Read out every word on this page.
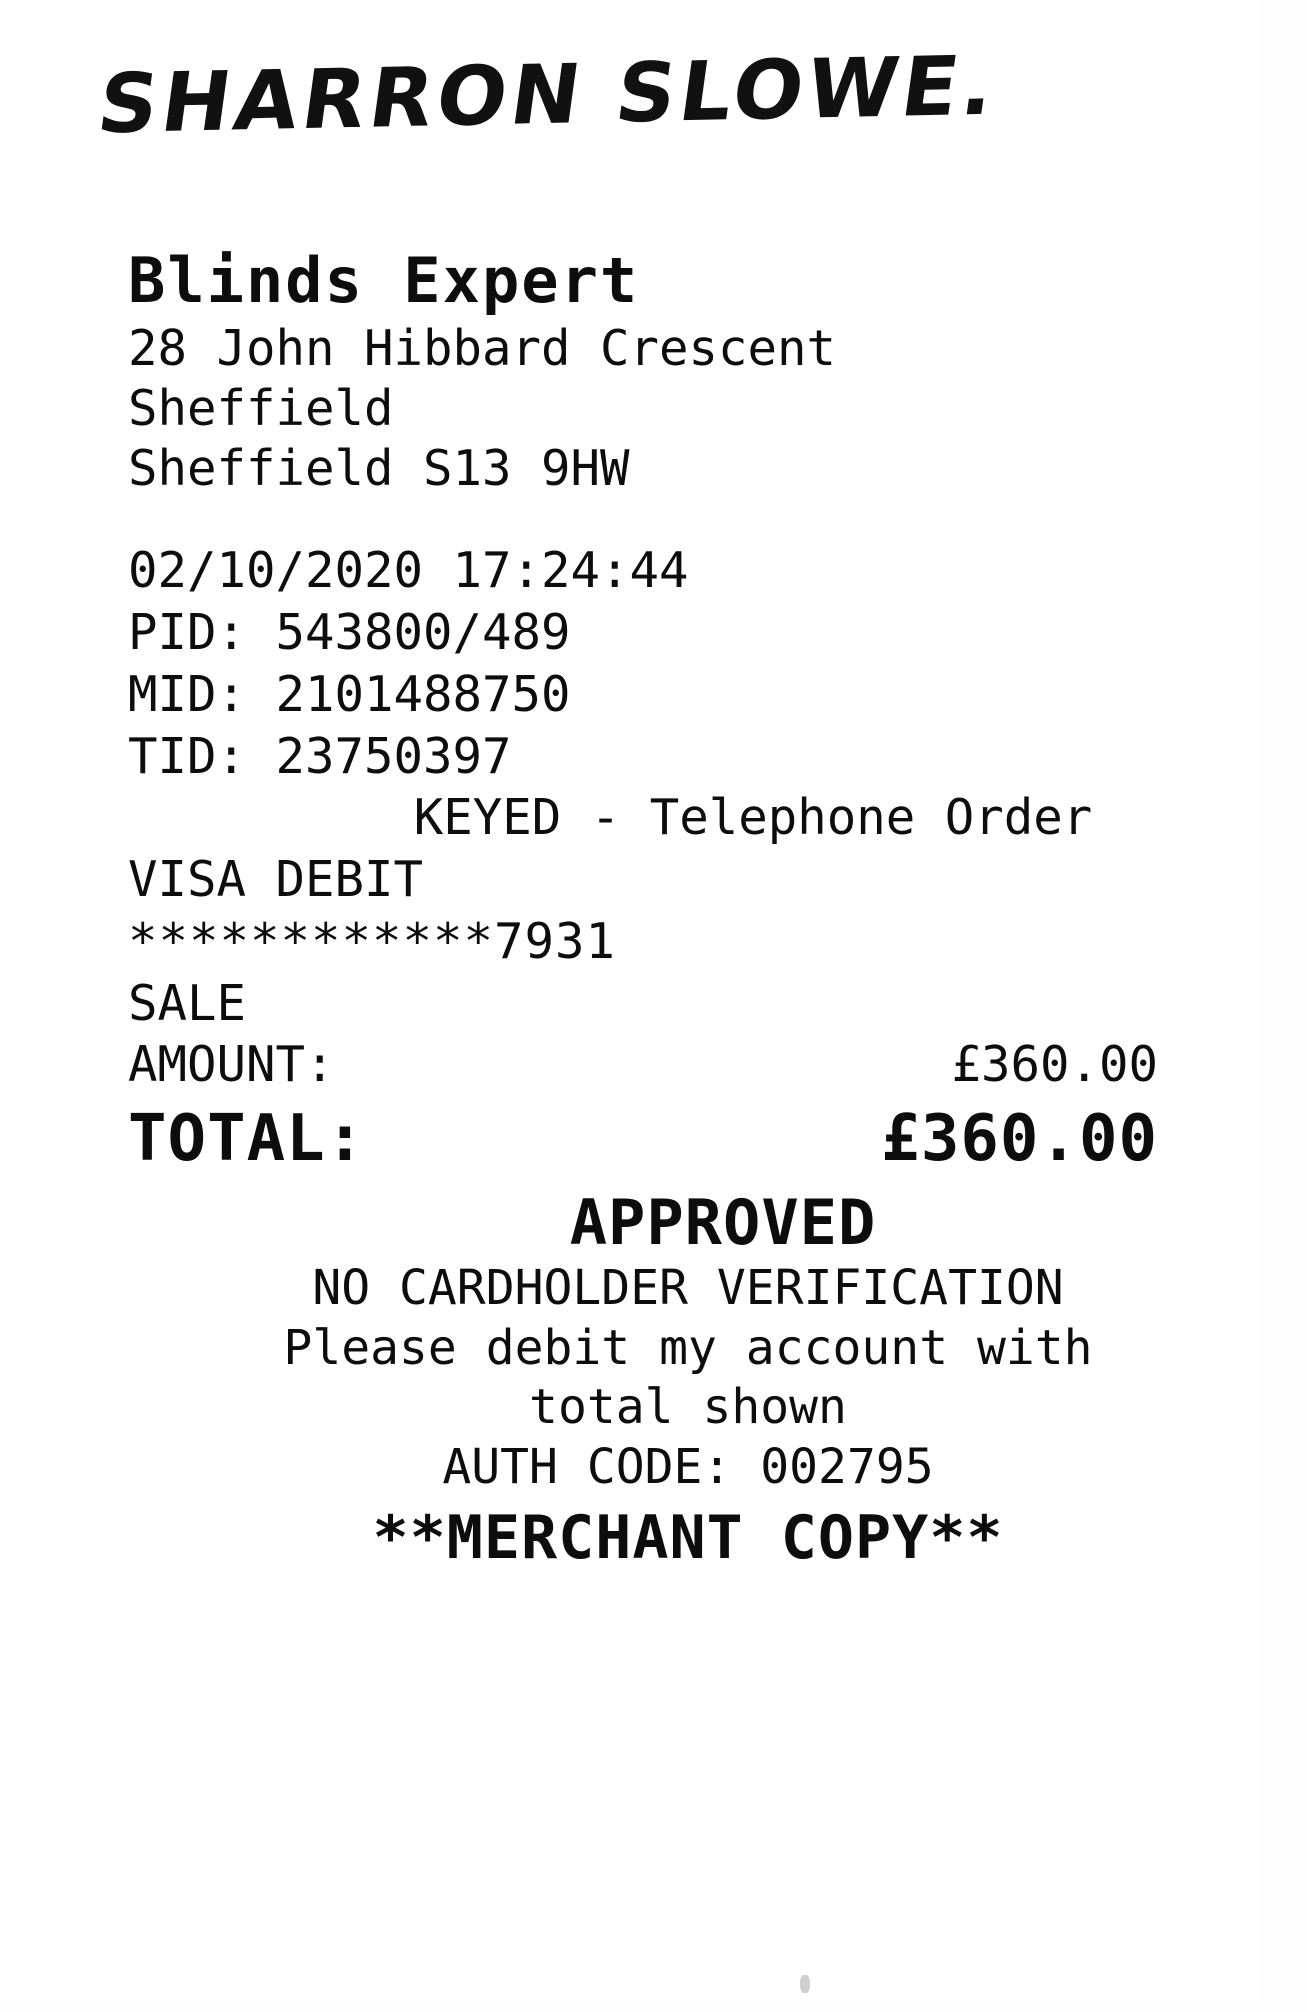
SHARRON SLOWE.
Blinds Expert
28 John Hibbard Crescent
Sheffield
Sheffield S13 9HW
02/10/2020 17:24:44
PID: 543800/489
MID: 2101488750
TID: 23750397
KEYED - Telephone Order
VISA DEBIT
************7931
SALE
AMOUNT:	£360.00
TOTAL:	£360.00
APPROVED
NO CARDHOLDER VERIFICATION
Please debit my account with
total shown
AUTH CODE: 002795
**MERCHANT COPY**
